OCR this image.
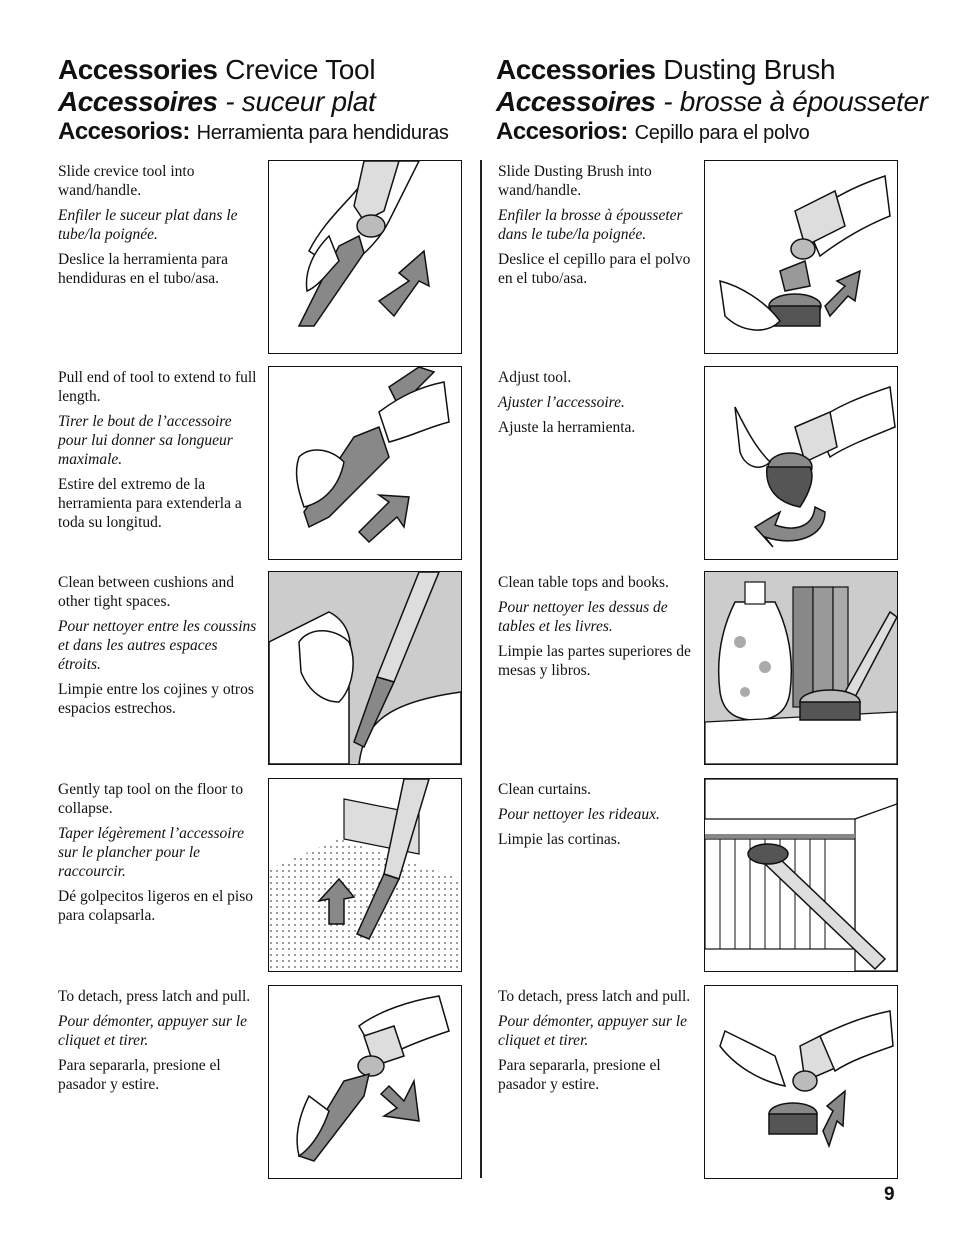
Accessories Crevice Tool
Accessoires - suceur plat
Accesorios: Herramienta para hendiduras
Accessories Dusting Brush
Accessoires - brosse à épousseter
Accesorios: Cepillo para el polvo

Slide crevice tool into wand/handle.

Enfiler le suceur plat dans le tube/la poignée.

Deslice la herramienta para hendiduras en el tubo/asa.

Pull end of tool to extend to full length.

Tirer le bout de l’accessoire pour lui donner sa longueur maximale.

Estire del extremo de la herramienta para extenderla a toda su longitud.

Clean between cushions and other tight spaces.

Pour nettoyer entre les coussins et dans les autres espaces étroits.

Limpie entre los cojines y otros espacios estrechos.

Gently tap tool on the floor to collapse.

Taper légèrement l’accessoire sur le plancher pour le raccourcir.

Dé golpecitos ligeros en el piso para colapsarla.

To detach, press latch and pull.

Pour démonter, appuyer sur le cliquet et tirer.

Para separarla, presione el pasador y estire.

Slide Dusting Brush into wand/handle.

Enfiler la brosse à épousseter dans le tube/la poignée.

Deslice el cepillo para el polvo en el tubo/asa.

Adjust tool.

Ajuster l’accessoire.

Ajuste la herramienta.

Clean table tops and books.

Pour nettoyer les dessus de tables et les livres.

Limpie las partes superiores de mesas y libros.

Clean curtains.

Pour nettoyer les rideaux.

Limpie las cortinas.

To detach, press latch and pull.

Pour démonter, appuyer sur le cliquet et tirer.

Para separarla, presione el pasador y estire.

9
